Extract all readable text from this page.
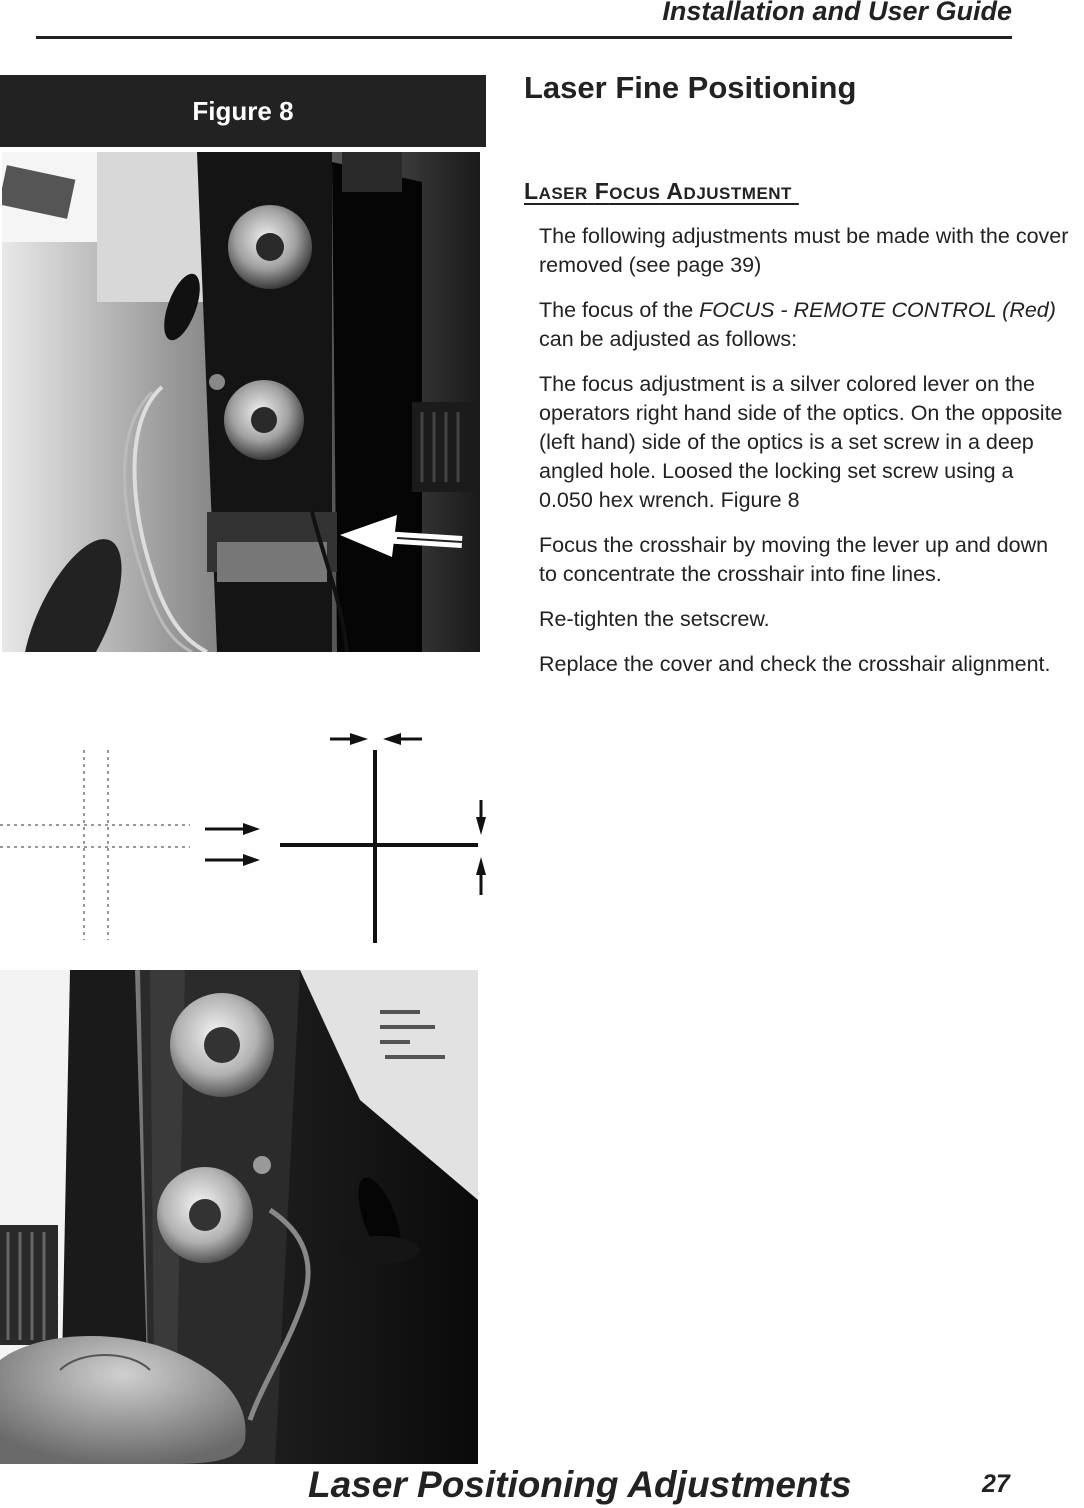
Installation and User Guide
Figure 8
Laser Fine Positioning
LASER FOCUS ADJUSTMENT

The following adjustments must be made with the cover removed (see page 39)

The focus of the FOCUS - REMOTE CONTROL (Red) can be adjusted as follows:

The focus adjustment is a silver colored lever on the operators right hand side of the optics. On the opposite (left hand) side of the optics is a set screw in a deep angled hole. Loosed the locking set screw using a 0.050 hex wrench. Figure 8

Focus the crosshair by moving the lever up and down to concentrate the crosshair into fine lines.

Re-tighten the setscrew.

Replace the cover and check the crosshair alignment.

Laser Positioning Adjustments	27
